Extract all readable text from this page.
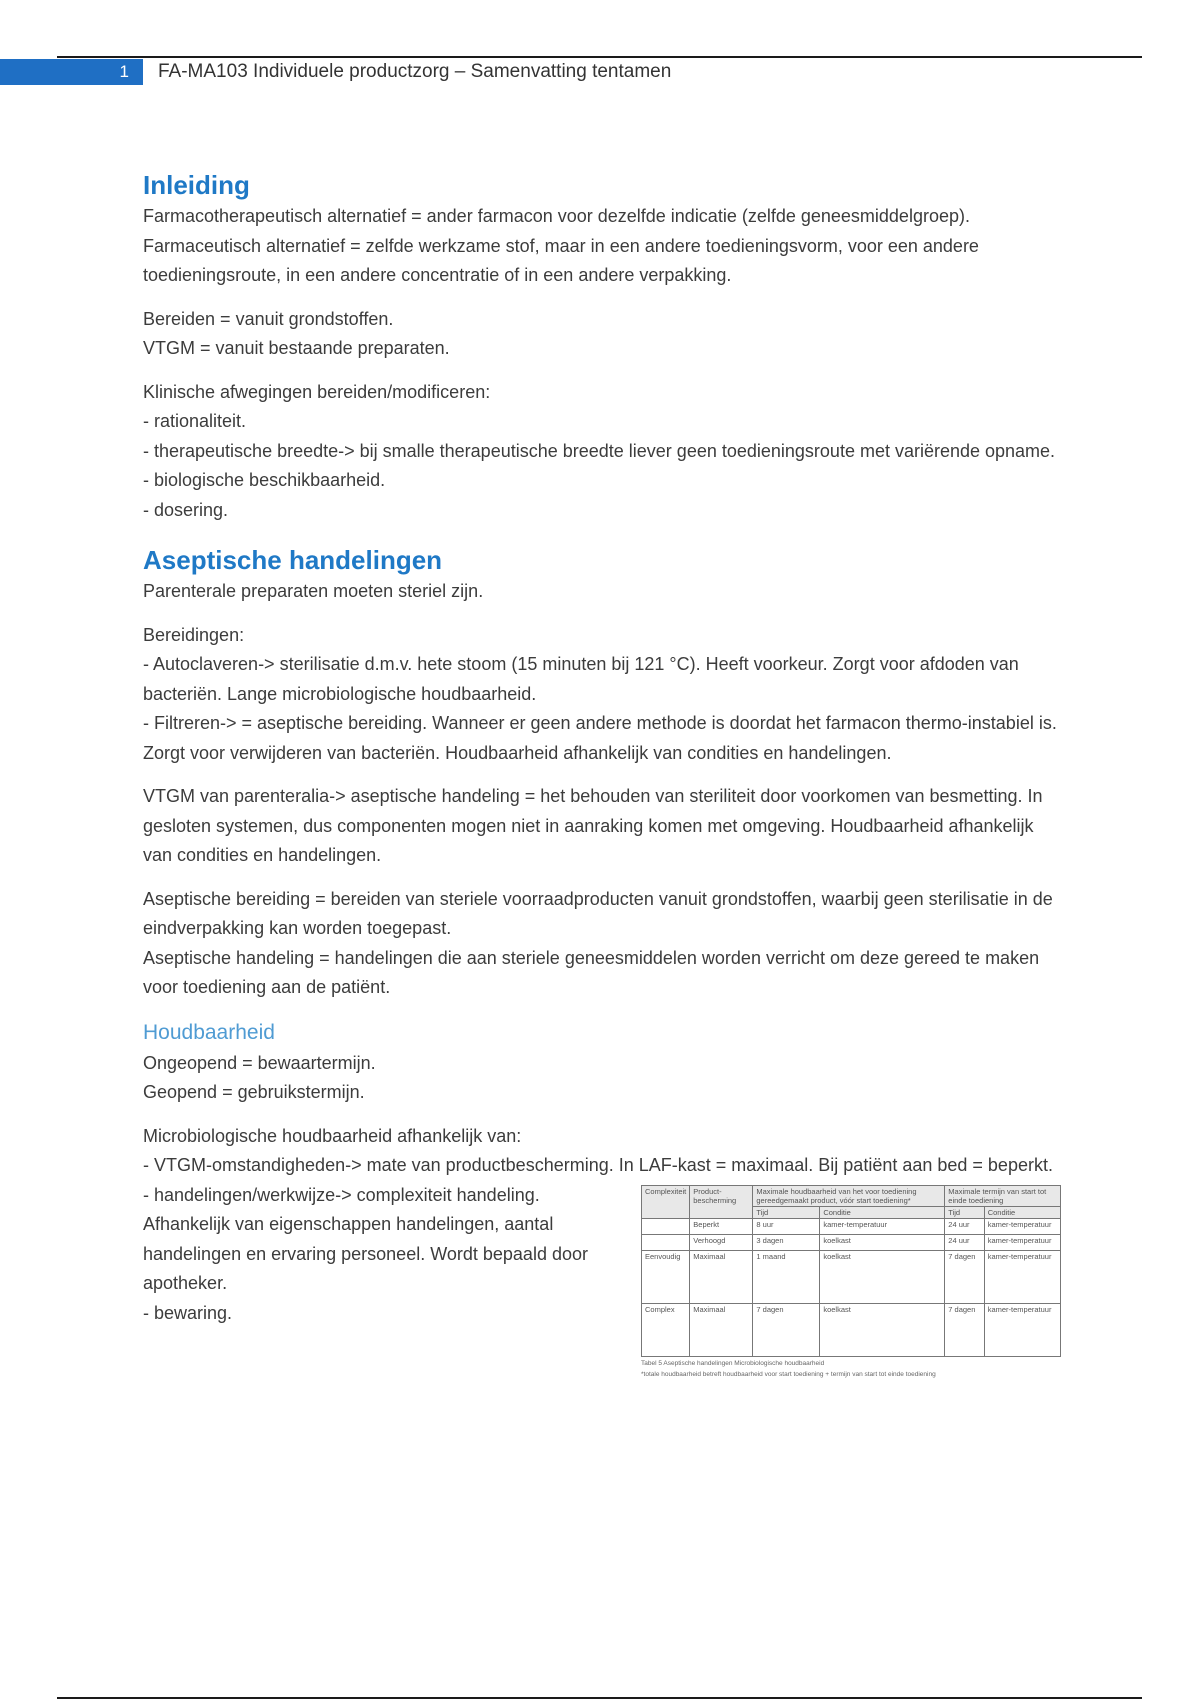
1 FA-MA103 Individuele productzorg – Samenvatting tentamen
Inleiding

Farmacotherapeutisch alternatief = ander farmacon voor dezelfde indicatie (zelfde geneesmiddelgroep).

Farmaceutisch alternatief = zelfde werkzame stof, maar in een andere toedieningsvorm, voor een andere toedieningsroute, in een andere concentratie of in een andere verpakking.

Bereiden = vanuit grondstoffen.

VTGM = vanuit bestaande preparaten.

Klinische afwegingen bereiden/modificeren:

- rationaliteit.

- therapeutische breedte-> bij smalle therapeutische breedte liever geen toedieningsroute met variërende opname.

- biologische beschikbaarheid.

- dosering.

Aseptische handelingen

Parenterale preparaten moeten steriel zijn.

Bereidingen:

- Autoclaveren-> sterilisatie d.m.v. hete stoom (15 minuten bij 121 °C). Heeft voorkeur. Zorgt voor afdoden van bacteriën. Lange microbiologische houdbaarheid.

- Filtreren-> = aseptische bereiding. Wanneer er geen andere methode is doordat het farmacon thermo-instabiel is. Zorgt voor verwijderen van bacteriën. Houdbaarheid afhankelijk van condities en handelingen.

VTGM van parenteralia-> aseptische handeling = het behouden van steriliteit door voorkomen van besmetting. In gesloten systemen, dus componenten mogen niet in aanraking komen met omgeving. Houdbaarheid afhankelijk van condities en handelingen.

Aseptische bereiding = bereiden van steriele voorraadproducten vanuit grondstoffen, waarbij geen sterilisatie in de eindverpakking kan worden toegepast.

Aseptische handeling = handelingen die aan steriele geneesmiddelen worden verricht om deze gereed te maken voor toediening aan de patiënt.

Houdbaarheid

Ongeopend = bewaartermijn.

Geopend = gebruikstermijn.

Microbiologische houdbaarheid afhankelijk van:

- VTGM-omstandigheden-> mate van productbescherming. In LAF-kast = maximaal. Bij patiënt aan bed = beperkt.

- handelingen/werkwijze-> complexiteit handeling. Afhankelijk van eigenschappen handelingen, aantal handelingen en ervaring personeel. Wordt bepaald door apotheker.

- bewaring.

Complexiteit	Product-bescherming	Maximale houdbaarheid van het voor toediening gereedgemaakt product, vóór start toediening*		Maximale termijn van start tot einde toediening	
		Tijd	Conditie	Tijd	Conditie
	Beperkt	8 uur	kamer-temperatuur	24 uur	kamer-temperatuur
	Verhoogd	3 dagen	koelkast	24 uur	kamer-temperatuur
Eenvoudig	Maximaal	1 maand	koelkast	7 dagen	kamer-temperatuur
Complex	Maximaal	7 dagen	koelkast	7 dagen	kamer-temperatuur
Tabel 5 Aseptische handelingen Microbiologische houdbaarheid
*totale houdbaarheid betreft houdbaarheid voor start toediening + termijn van start tot einde toediening
